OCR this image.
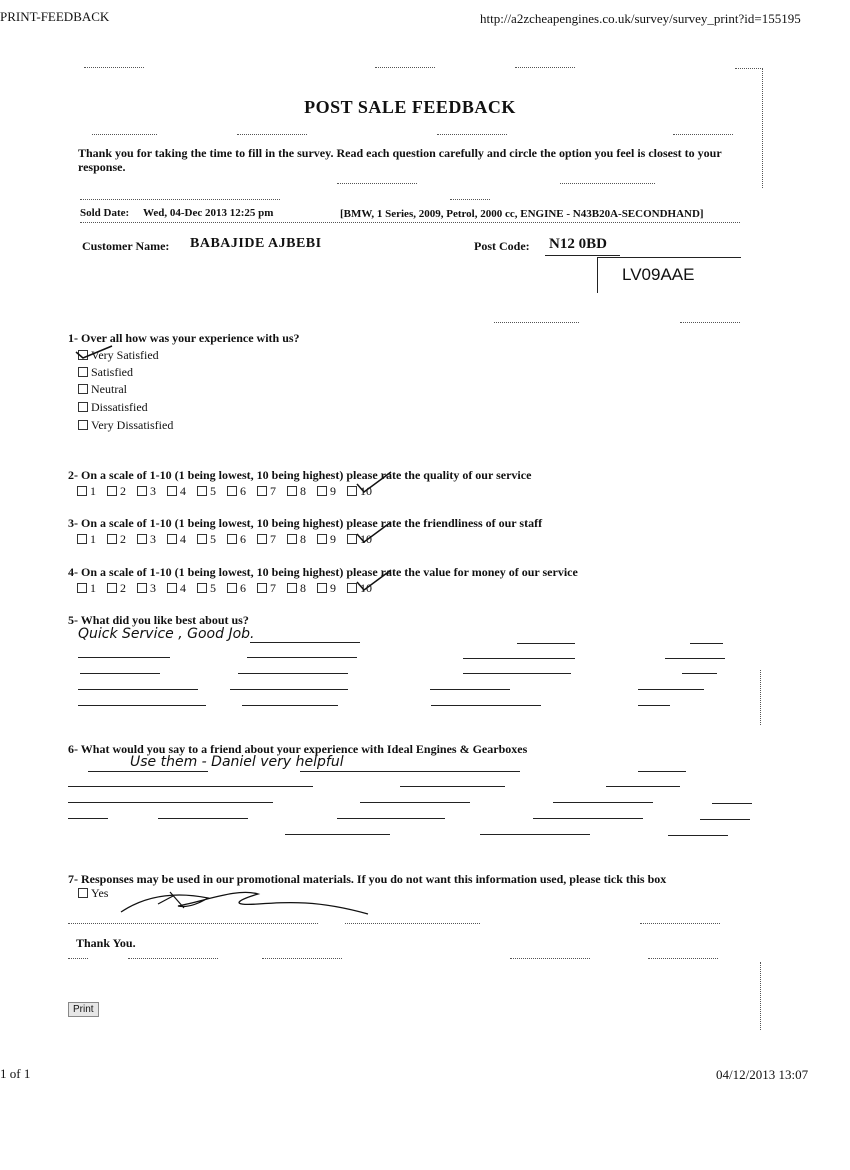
PRINT-FEEDBACK	http://a2zcheapengines.co.uk/survey/survey_print?id=155195
POST SALE FEEDBACK
Thank you for taking the time to fill in the survey. Read each question carefully and circle the option you feel is closest to your response.
Sold Date: Wed, 04-Dec 2013 12:25 pm	[BMW, 1 Series, 2009, Petrol, 2000 cc, ENGINE - N43B20A-SECONDHAND]
Customer Name: BABAJIDE AJBEBI	Post Code: N12 0BD
LV09AAE
1- Over all how was your experience with us?
Very Satisfied
Satisfied
Neutral
Dissatisfied
Very Dissatisfied
2- On a scale of 1-10 (1 being lowest, 10 being highest) please rate the quality of our service
1 2 3 4 5 6 7 8 9 10
3- On a scale of 1-10 (1 being lowest, 10 being highest) please rate the friendliness of our staff
1 2 3 4 5 6 7 8 9 10
4- On a scale of 1-10 (1 being lowest, 10 being highest) please rate the value for money of our service
1 2 3 4 5 6 7 8 9 10
5- What did you like best about us?
Quick Service , Good Job.
6- What would you say to a friend about your experience with Ideal Engines & Gearboxes
Use them - Daniel very helpful
7- Responses may be used in our promotional materials. If you do not want this information used, please tick this box
Yes
Thank You.
Print
1 of 1	04/12/2013 13:07
